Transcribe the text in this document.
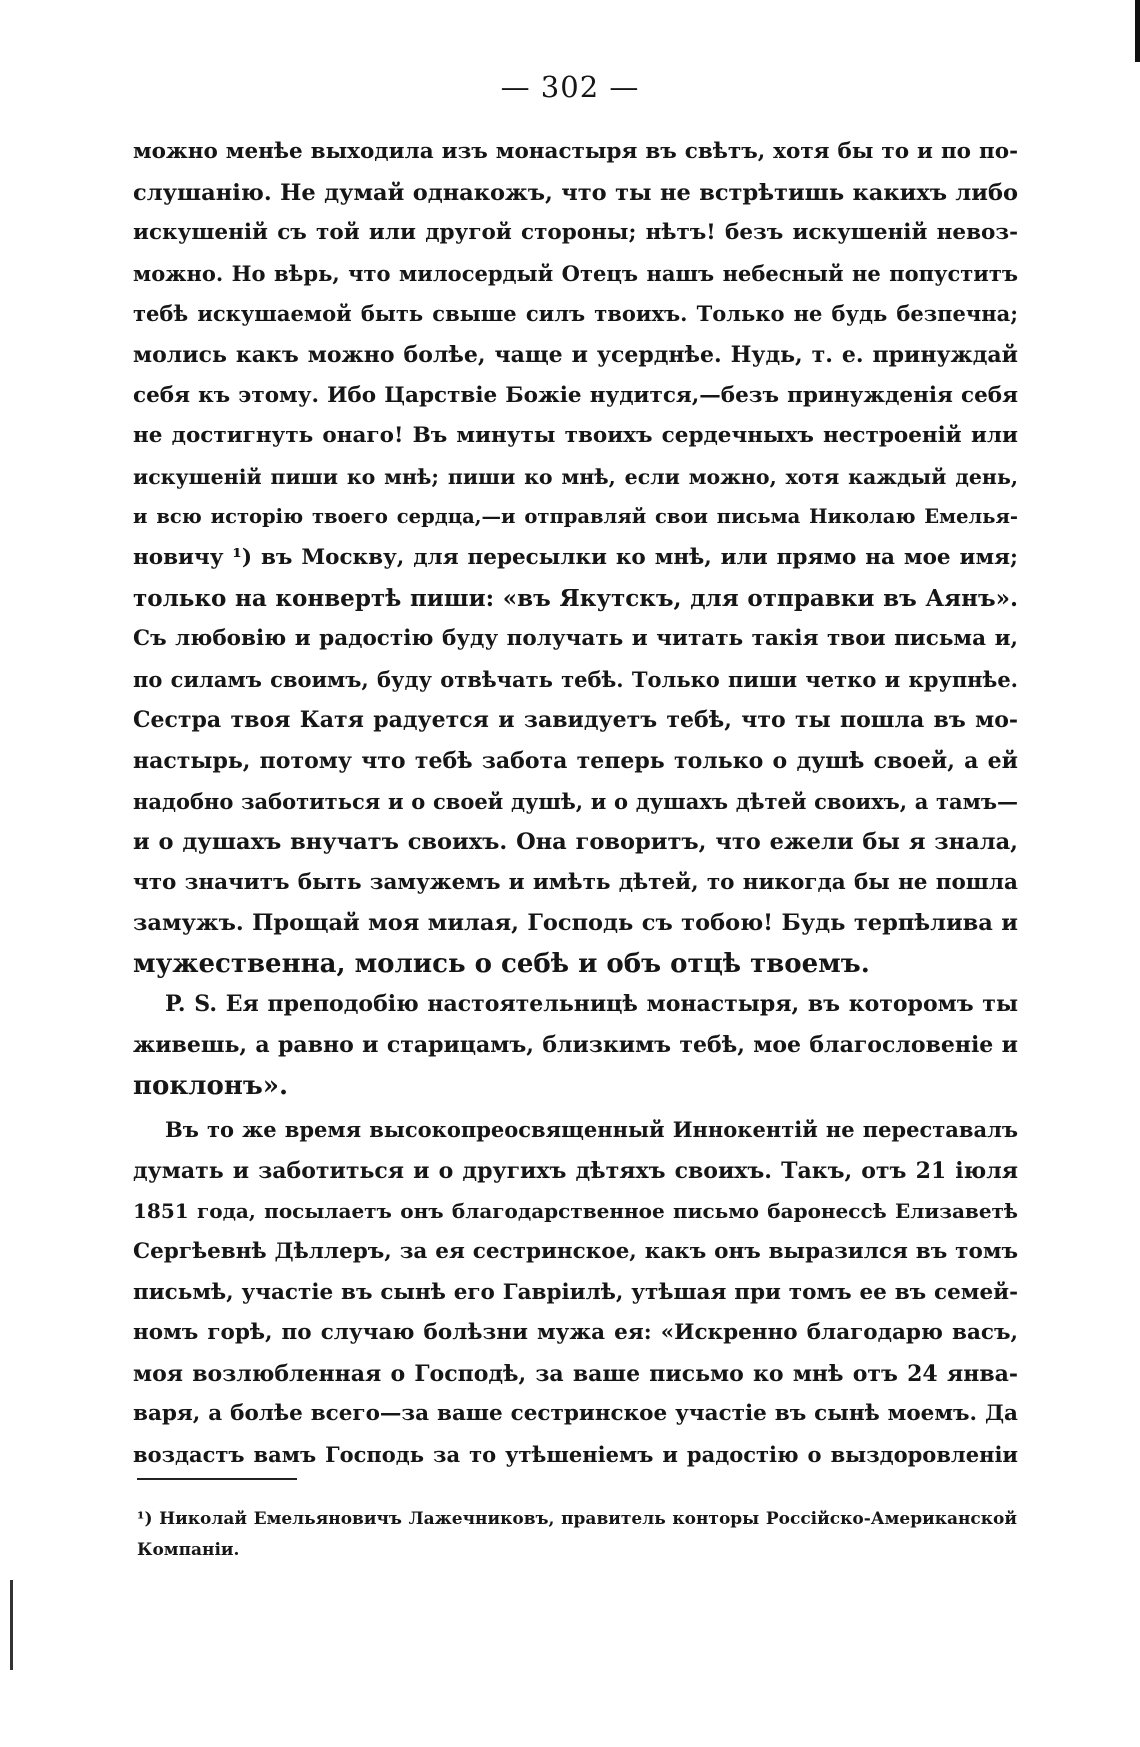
— 302 —
можно менѣе выходила изъ монастыря въ свѣтъ, хотя бы то и по по-
слушанію. Не думай однакожъ, что ты не встрѣтишь какихъ либо
искушеній съ той или другой стороны; нѣтъ! безъ искушеній невоз-
можно. Но вѣрь, что милосердый Отецъ нашъ небесный не попуститъ
тебѣ искушаемой быть свыше силъ твоихъ. Только не будь безпечна;
молись какъ можно болѣе, чаще и усерднѣе. Нудь, т. е. принуждай
себя къ этому. Ибо Царствіе Божіе нудится,—безъ принужденія себя
не достигнуть онаго! Въ минуты твоихъ сердечныхъ нестроеній или
искушеній пиши ко мнѣ; пиши ко мнѣ, если можно, хотя каждый день,
и всю исторію твоего сердца,—и отправляй свои письма Николаю Емелья-
новичу ¹) въ Москву, для пересылки ко мнѣ, или прямо на мое имя;
только на конвертѣ пиши: «въ Якутскъ, для отправки въ Аянъ».
Съ любовію и радостію буду получать и читать такія твои письма и,
по силамъ своимъ, буду отвѣчать тебѣ. Только пиши четко и крупнѣе.
Сестра твоя Катя радуется и завидуетъ тебѣ, что ты пошла въ мо-
настырь, потому что тебѣ забота теперь только о душѣ своей, а ей
надобно заботиться и о своей душѣ, и о душахъ дѣтей своихъ, а тамъ—
и о душахъ внучатъ своихъ. Она говоритъ, что ежели бы я знала,
что значитъ быть замужемъ и имѣть дѣтей, то никогда бы не пошла
замужъ. Прощай моя милая, Господь съ тобою! Будь терпѣлива и
мужественна, молись о себѣ и объ отцѣ твоемъ.
P. S. Ея преподобію настоятельницѣ монастыря, въ которомъ ты
живешь, а равно и старицамъ, близкимъ тебѣ, мое благословеніе и
поклонъ».
Въ то же время высокопреосвященный Иннокентій не переставалъ
думать и заботиться и о другихъ дѣтяхъ своихъ. Такъ, отъ 21 іюля
1851 года, посылаетъ онъ благодарственное письмо баронессѣ Елизаветѣ
Сергѣевнѣ Дѣллеръ, за ея сестринское, какъ онъ выразился въ томъ
письмѣ, участіе въ сынѣ его Гавріилѣ, утѣшая при томъ ее въ семей-
номъ горѣ, по случаю болѣзни мужа ея: «Искренно благодарю васъ,
моя возлюбленная о Господѣ, за ваше письмо ко мнѣ отъ 24 янва-
варя, а болѣе всего—за ваше сестринское участіе въ сынѣ моемъ. Да
воздастъ вамъ Господь за то утѣшеніемъ и радостію о выздоровленіи
¹) Николай Емельяновичъ Лажечниковъ, правитель конторы Россійско-Американской
Компаніи.
